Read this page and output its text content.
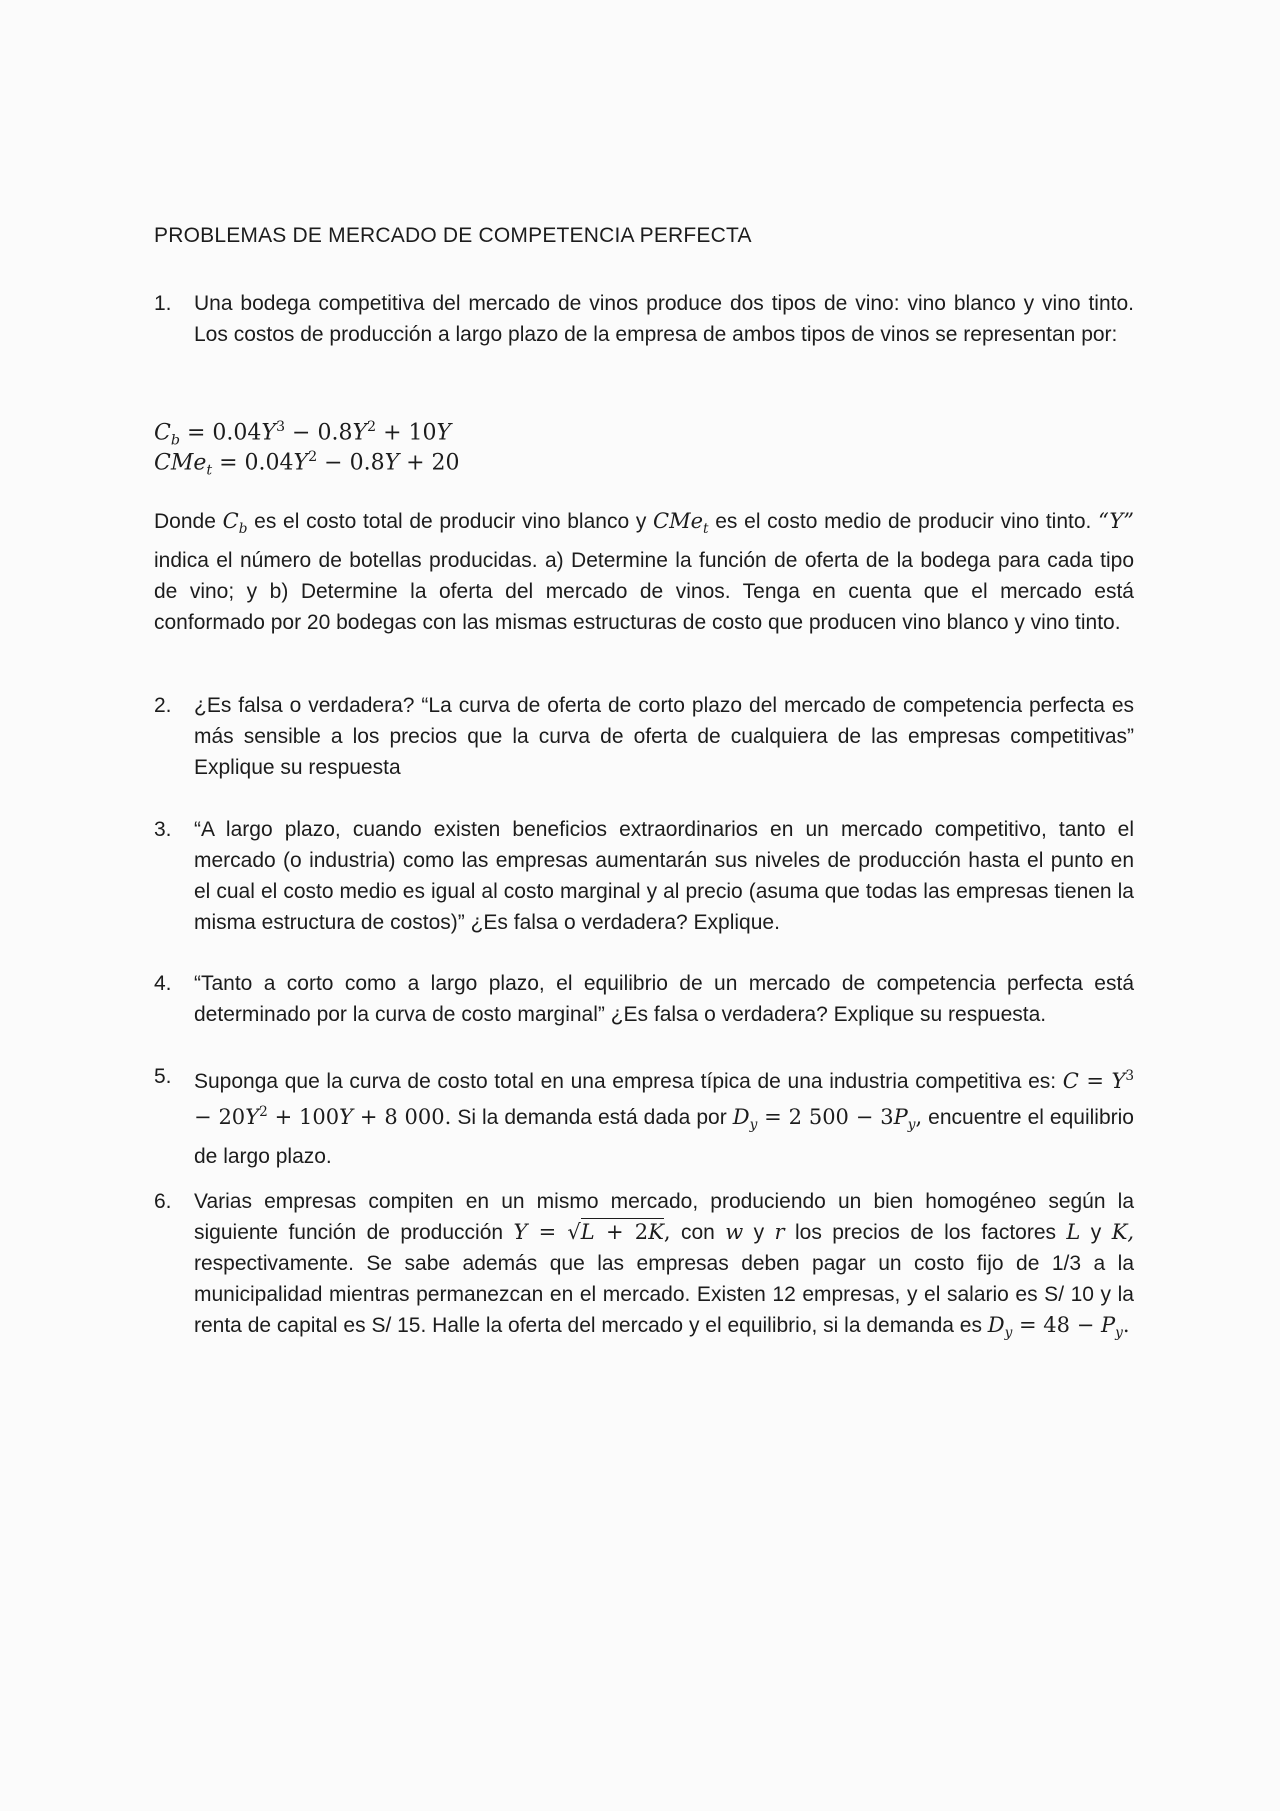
PROBLEMAS DE MERCADO DE COMPETENCIA PERFECTA
1.	Una bodega competitiva del mercado de vinos produce dos tipos de vino: vino blanco y vino tinto. Los costos de producción a largo plazo de la empresa de ambos tipos de vinos se representan por:
$C_b = 0.04Y^3 - 0.8Y^2 + 10Y$
$CMe_t = 0.04Y^2 - 0.8Y + 20$
Donde $C_b$ es el costo total de producir vino blanco y CMe$_t$ es el costo medio de producir vino tinto. “Y” indica el número de botellas producidas. a) Determine la función de oferta de la bodega para cada tipo de vino; y b) Determine la oferta del mercado de vinos. Tenga en cuenta que el mercado está conformado por 20 bodegas con las mismas estructuras de costo que producen vino blanco y vino tinto.
2.	¿Es falsa o verdadera? “La curva de oferta de corto plazo del mercado de competencia perfecta es más sensible a los precios que la curva de oferta de cualquiera de las empresas competitivas” Explique su respuesta
3.	“A largo plazo, cuando existen beneficios extraordinarios en un mercado competitivo, tanto el mercado (o industria) como las empresas aumentarán sus niveles de producción hasta el punto en el cual el costo medio es igual al costo marginal y al precio (asuma que todas las empresas tienen la misma estructura de costos)” ¿Es falsa o verdadera? Explique.
4.	“Tanto a corto como a largo plazo, el equilibrio de un mercado de competencia perfecta está determinado por la curva de costo marginal” ¿Es falsa o verdadera? Explique su respuesta.
5.	Suponga que la curva de costo total en una empresa típica de una industria competitiva es: $C = Y^3 - 20Y^2 + 100Y + 8$ 000. Si la demanda está dada por $D_y = 2$ $500 - 3P_y$, encuentre el equilibrio de largo plazo.
6.	Varias empresas compiten en un mismo mercado, produciendo un bien homogéneo según la siguiente función de producción Y = √L + 2K, con w y r los precios de los factores L y K, respectivamente. Se sabe además que las empresas deben pagar un costo fijo de 1/3 a la municipalidad mientras permanezcan en el mercado. Existen 12 empresas, y el salario es S/ 10 y la renta de capital es S/ 15. Halle la oferta del mercado y el equilibrio, si la demanda es $D_y = 48 - P_y$.
